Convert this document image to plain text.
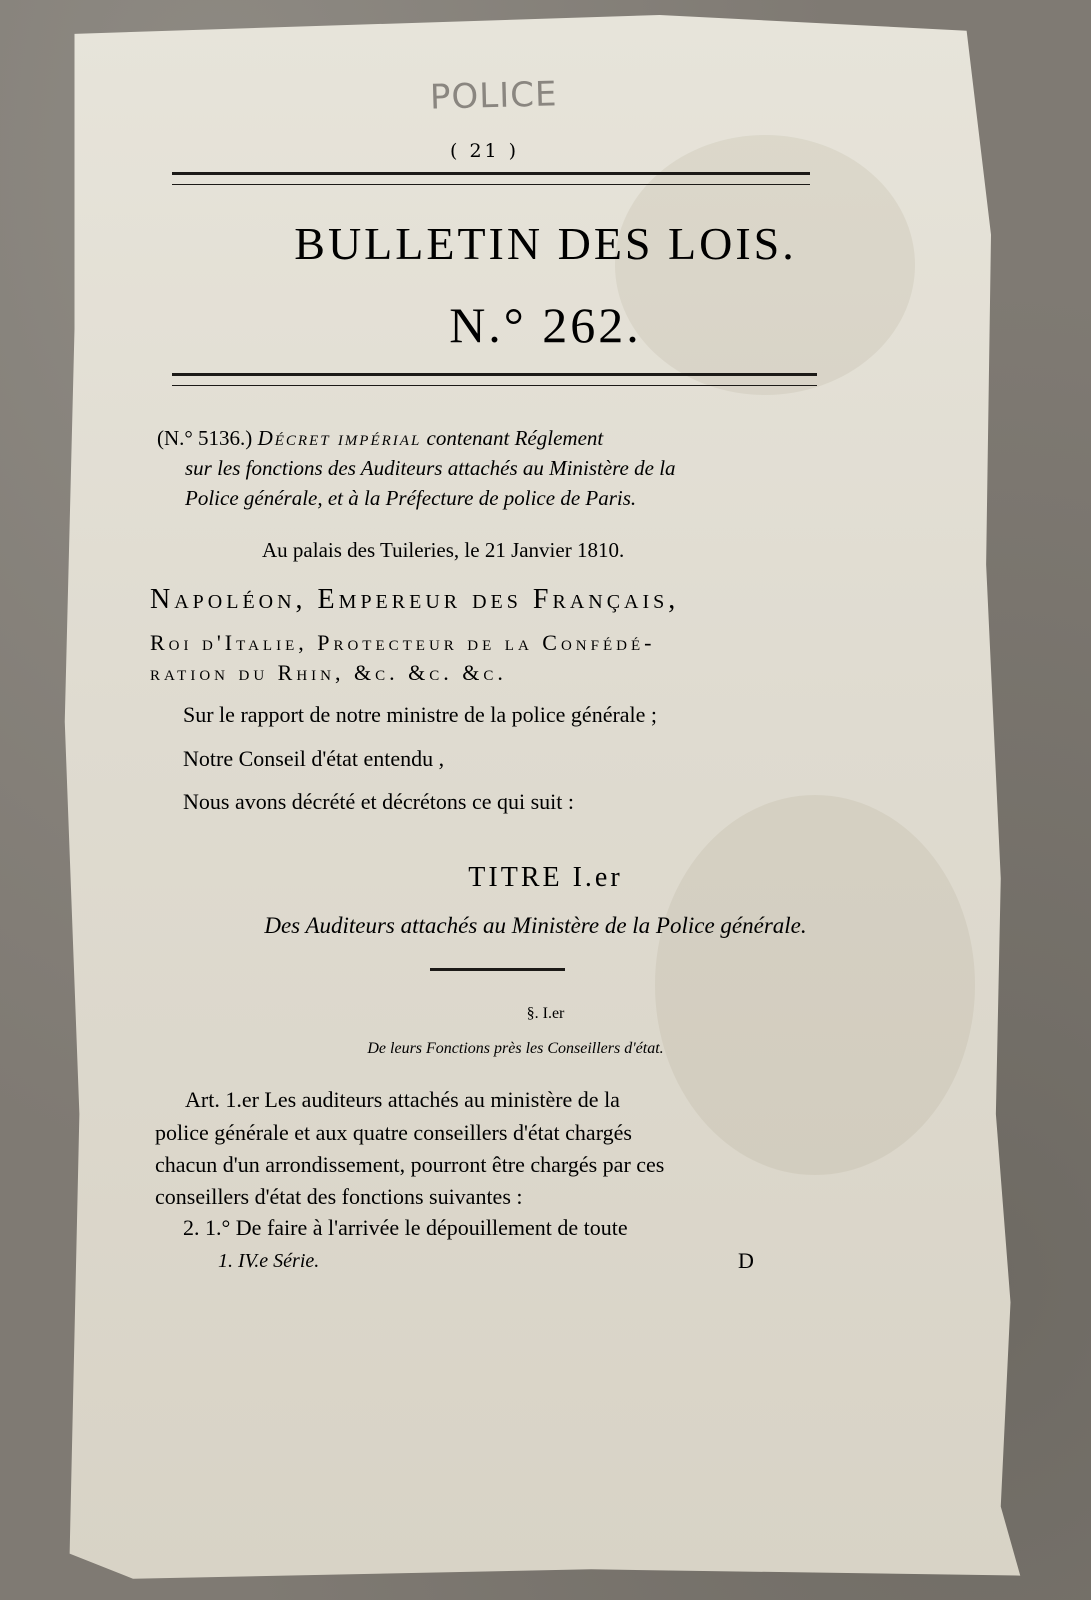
POLICE
( 21 )
BULLETIN DES LOIS.
N.° 262.
(N.° 5136.) Décret impérial contenant Réglement
sur les fonctions des Auditeurs attachés au Ministère de la
Police générale, et à la Préfecture de police de Paris.
Au palais des Tuileries, le 21 Janvier 1810.
Napoléon, Empereur des Français,
Roi d'Italie, Protecteur de la Confédé-
ration du Rhin, &c. &c. &c.
Sur le rapport de notre ministre de la police générale ;
Notre Conseil d'état entendu ,
Nous avons décrété et décrétons ce qui suit :
TITRE I.er
Des Auditeurs attachés au Ministère de la Police générale.
§. I.er
De leurs Fonctions près les Conseillers d'état.
Art. 1.er Les auditeurs attachés au ministère de la
police générale et aux quatre conseillers d'état chargés
chacun d'un arrondissement, pourront être chargés par ces
conseillers d'état des fonctions suivantes :
2. 1.° De faire à l'arrivée le dépouillement de toute
1. IV.e Série.	D
